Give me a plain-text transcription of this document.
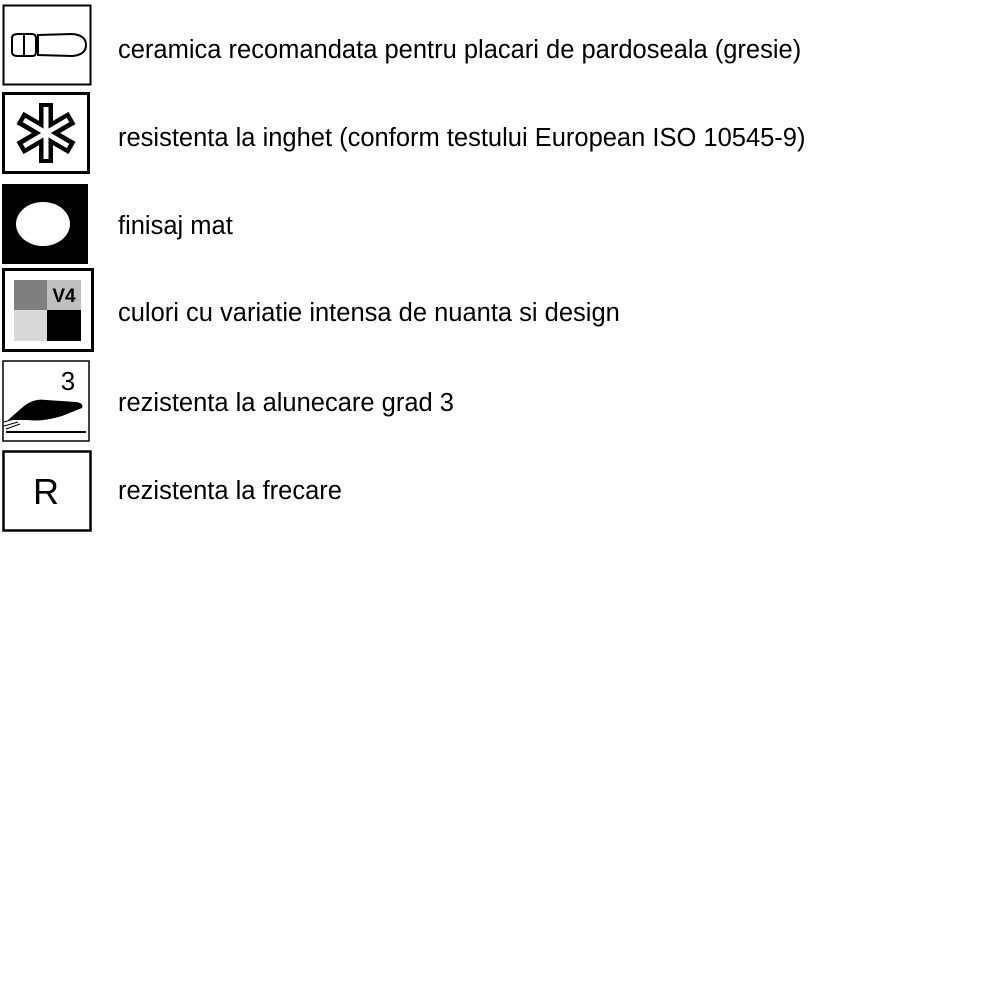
ceramica recomandata pentru placari de pardoseala (gresie)
resistenta la inghet (conform testului European ISO 10545-9)
finisaj mat
V4
culori cu variatie intensa de nuanta si design
3
rezistenta la alunecare grad 3
R rezistenta la frecare
